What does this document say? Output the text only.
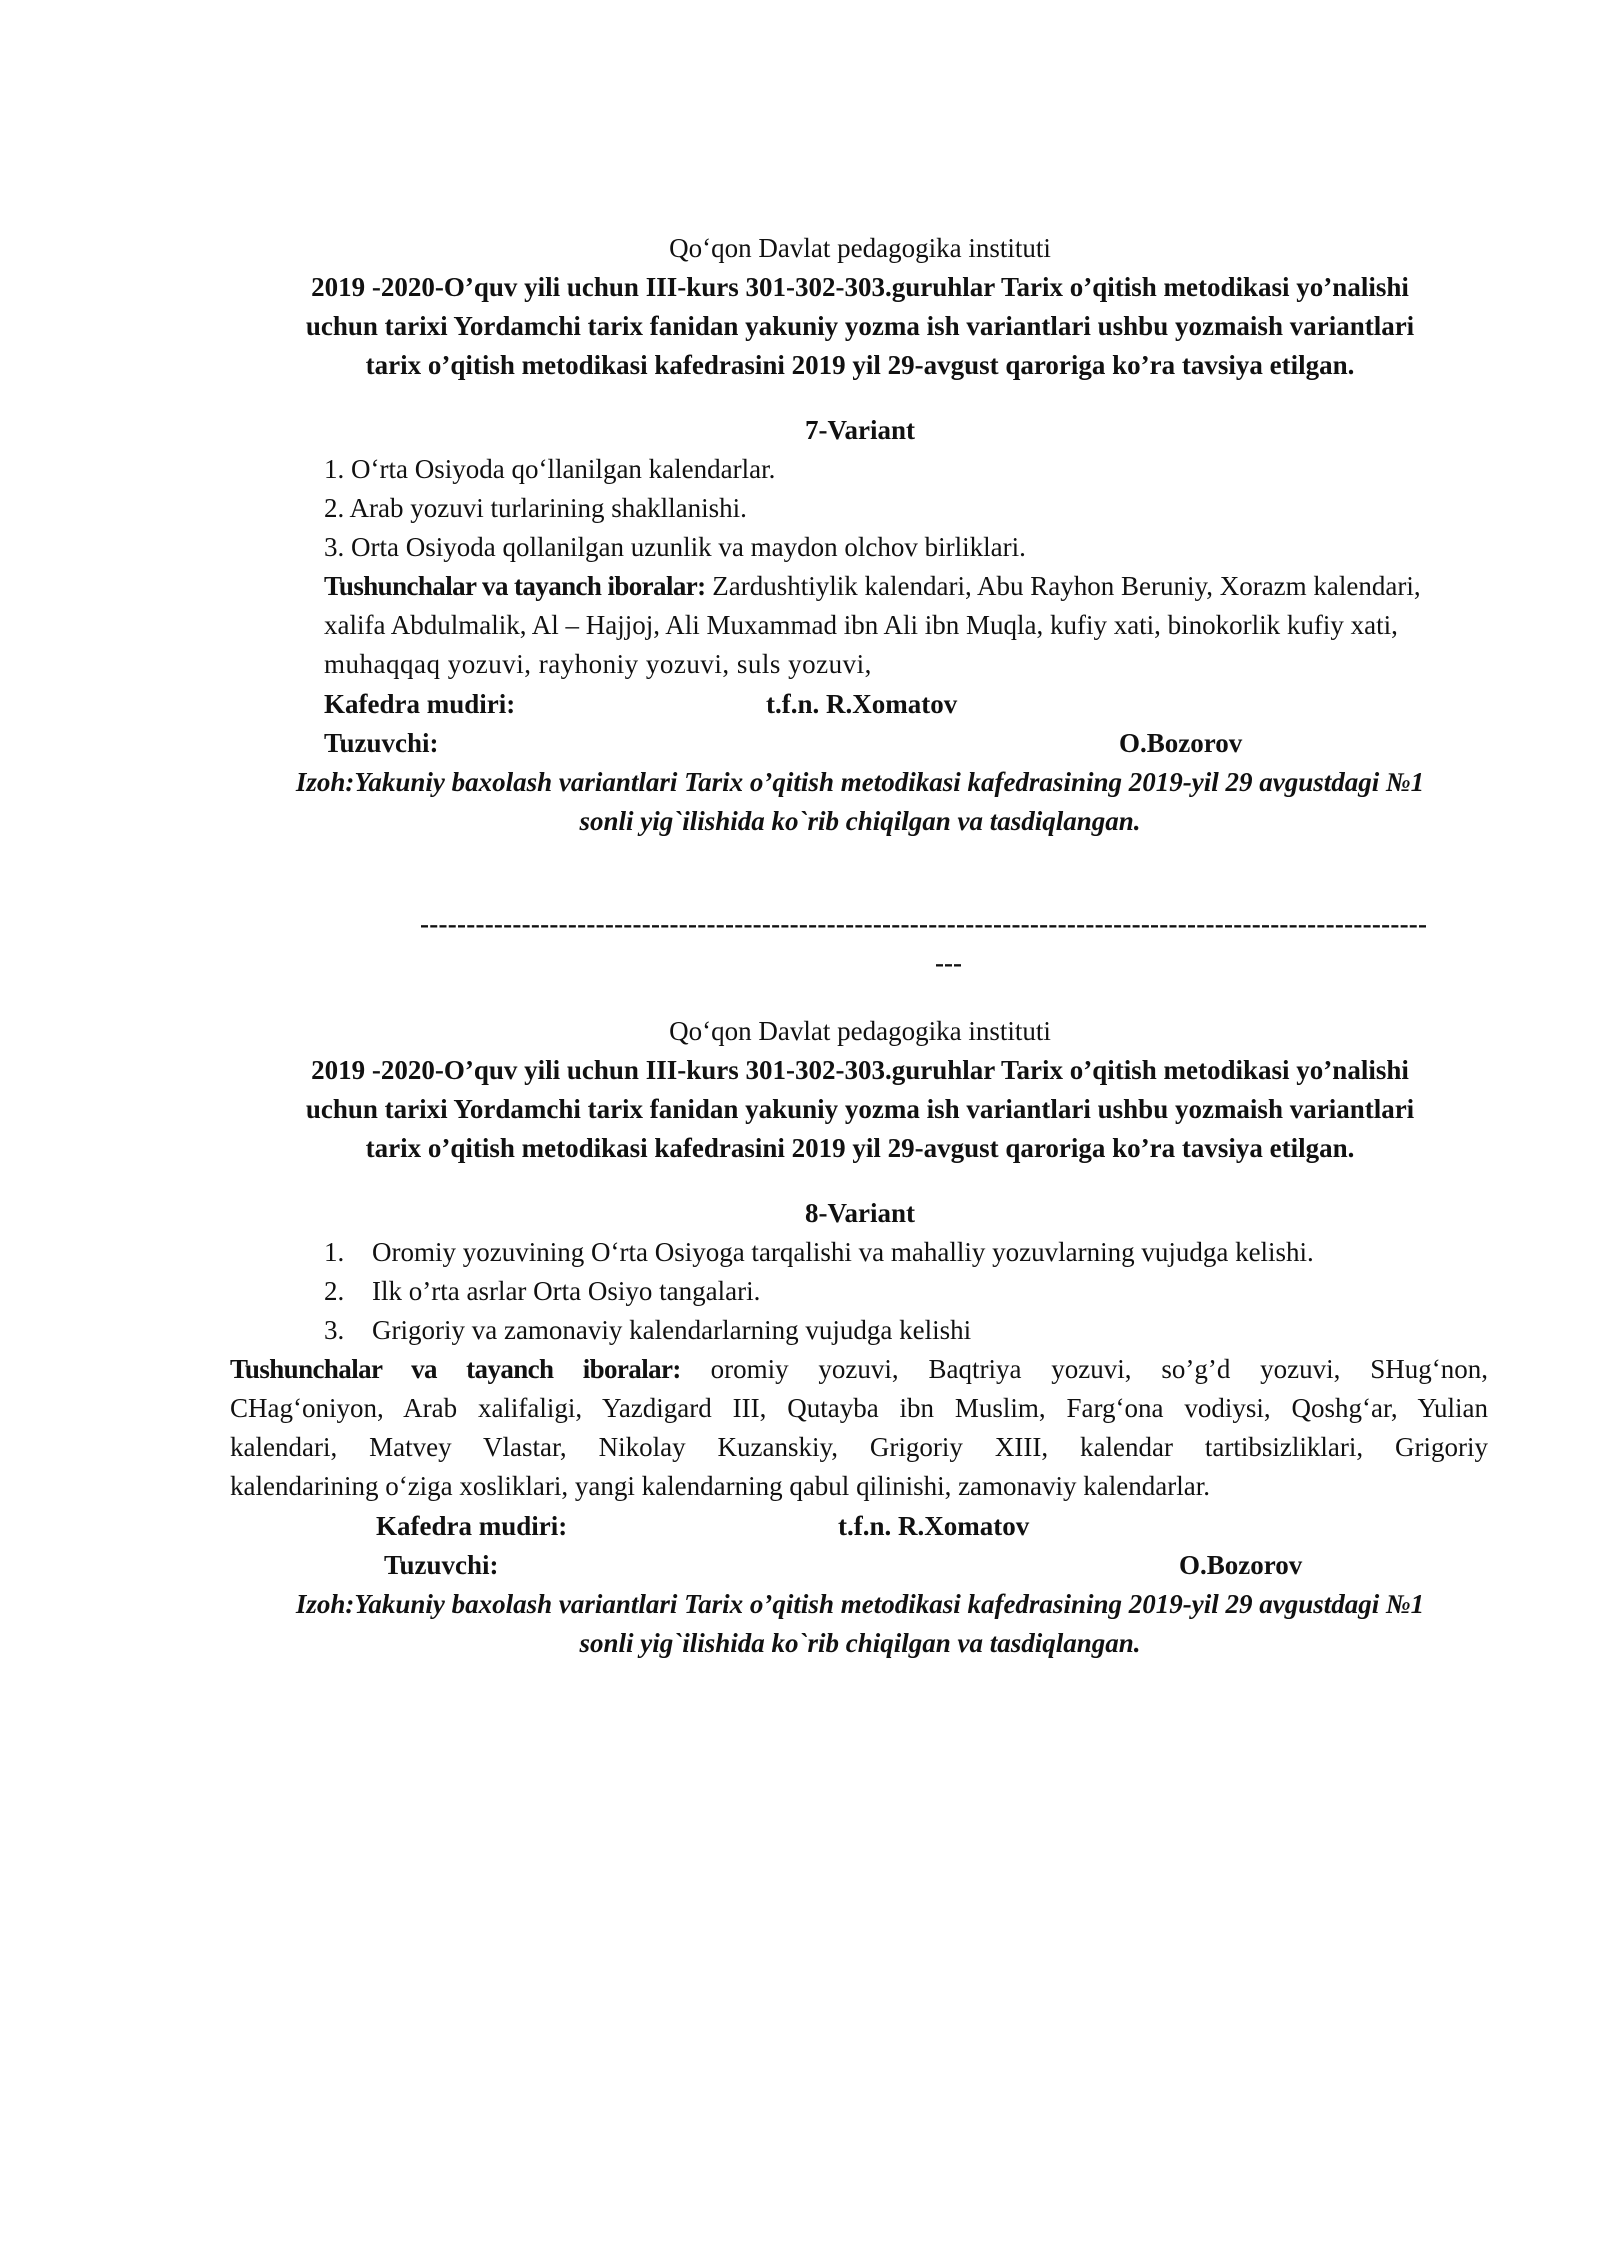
Qo‘qon Davlat pedagogika instituti
2019 -2020-O’quv yili uchun III-kurs 301-302-303.guruhlar Tarix o’qitish metodikasi yo’nalishi
uchun tarixi Yordamchi tarix fanidan yakuniy yozma ish variantlari ushbu yozmaish variantlari
tarix o’qitish metodikasi kafedrasini 2019 yil 29-avgust qaroriga ko’ra tavsiya etilgan.
7-Variant
1. O‘rta Osiyoda qo‘llanilgan kalendarlar.
2. Arab yozuvi turlarining shakllanishi.
3. Orta Osiyoda qollanilgan uzunlik va maydon olchov birliklari.
Tushunchalar va tayanch iboralar: Zardushtiylik kalendari, Abu Rayhon Beruniy, Xorazm kalendari,
xalifa Abdulmalik, Al – Hajjoj, Ali Muxammad ibn Ali ibn Muqla, kufiy xati, binokorlik kufiy xati,
muhaqqaq yozuvi, rayhoniy yozuvi, suls yozuvi,
Kafedra mudiri:	t.f.n. R.Xomatov
Tuzuvchi:	O.Bozorov
Izoh:Yakuniy baxolash variantlari Tarix o’qitish metodikasi kafedrasining 2019-yil 29 avgustdagi №1
sonli yig`ilishida ko`rib chiqilgan va tasdiqlangan.
-------------------------------------------------------------------------------------------------------------
---
Qo‘qon Davlat pedagogika instituti
2019 -2020-O’quv yili uchun III-kurs 301-302-303.guruhlar Tarix o’qitish metodikasi yo’nalishi
uchun tarixi Yordamchi tarix fanidan yakuniy yozma ish variantlari ushbu yozmaish variantlari
tarix o’qitish metodikasi kafedrasini 2019 yil 29-avgust qaroriga ko’ra tavsiya etilgan.
8-Variant
1. Oromiy yozuvining O‘rta Osiyoga tarqalishi va mahalliy yozuvlarning vujudga kelishi.
2. Ilk o’rta asrlar Orta Osiyo tangalari.
3. Grigoriy va zamonaviy kalendarlarning vujudga kelishi
Tushunchalar va tayanch iboralar: oromiy yozuvi, Baqtriya yozuvi, so’g’d yozuvi, SHug‘non,
CHag‘oniyon, Arab xalifaligi, Yazdigard III, Qutayba ibn Muslim, Farg‘ona vodiysi, Qoshg‘ar, Yulian
kalendari, Matvey Vlastar, Nikolay Kuzanskiy, Grigoriy XIII, kalendar tartibsizliklari, Grigoriy
kalendarining o‘ziga xosliklari, yangi kalendarning qabul qilinishi, zamonaviy kalendarlar.
Kafedra mudiri:	t.f.n. R.Xomatov
Tuzuvchi:	O.Bozorov
Izoh:Yakuniy baxolash variantlari Tarix o’qitish metodikasi kafedrasining 2019-yil 29 avgustdagi №1
sonli yig`ilishida ko`rib chiqilgan va tasdiqlangan.
